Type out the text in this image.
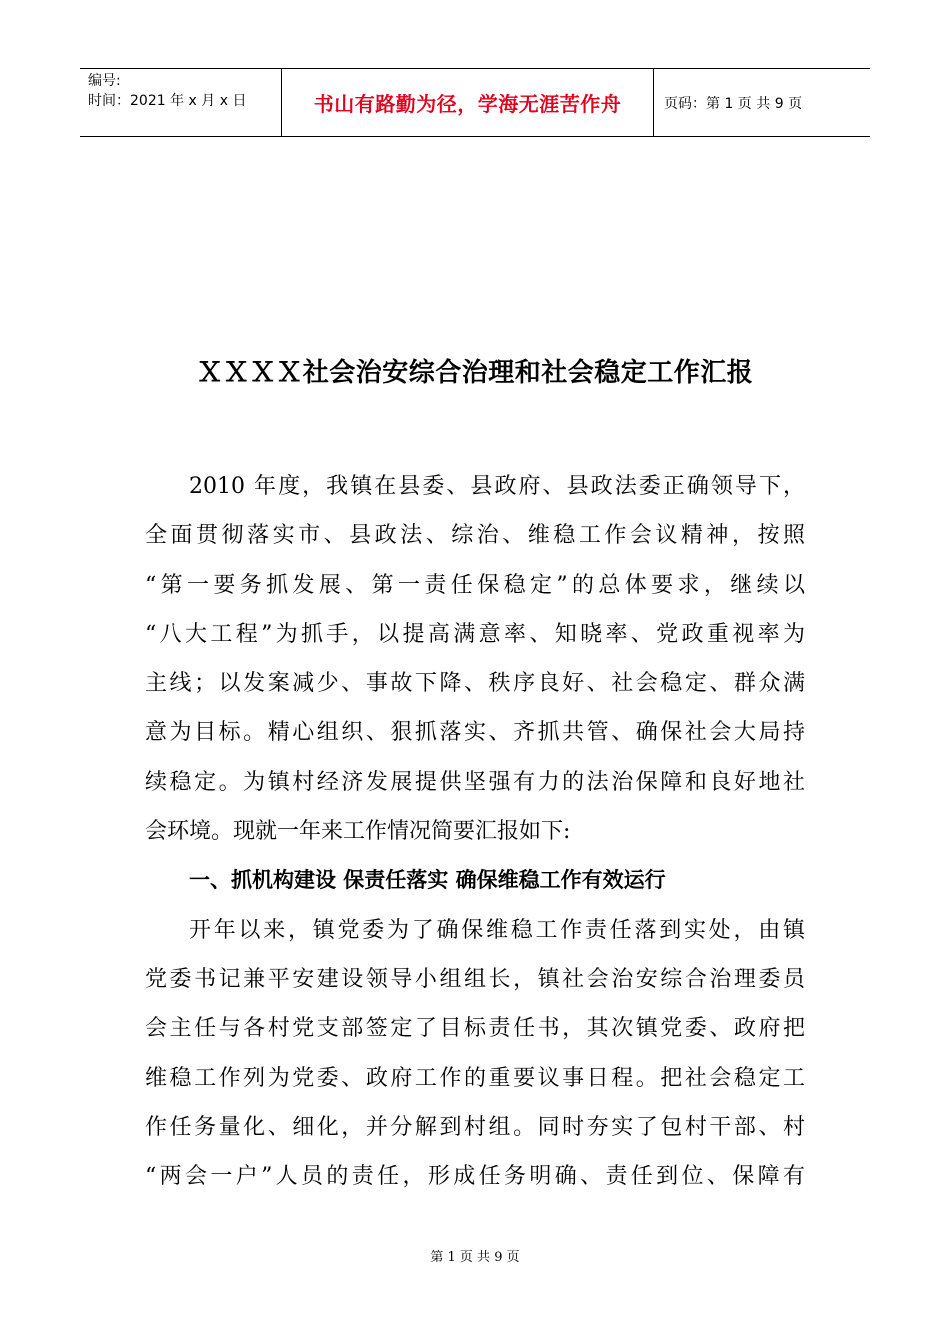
编号:
时间：2021 年 x 月 x 日	书山有路勤为径，学海无涯苦作舟	页码：第 1 页 共 9 页
ＸＸＸＸ社会治安综合治理和社会稳定工作汇报

2010 年度，我镇在县委、县政府、县政法委正确领导下，
全面贯彻落实市、县政法、综治、维稳工作会议精神，按照
“第一要务抓发展、第一责任保稳定”的总体要求，继续以
“八大工程”为抓手，以提高满意率、知晓率、党政重视率为
主线；以发案减少、事故下降、秩序良好、社会稳定、群众满
意为目标。精心组织、狠抓落实、齐抓共管、确保社会大局持
续稳定。为镇村经济发展提供坚强有力的法治保障和良好地社
会环境。现就一年来工作情况简要汇报如下:

一、抓机构建设 保责任落实 确保维稳工作有效运行

开年以来，镇党委为了确保维稳工作责任落到实处，由镇
党委书记兼平安建设领导小组组长，镇社会治安综合治理委员
会主任与各村党支部签定了目标责任书，其次镇党委、政府把
维稳工作列为党委、政府工作的重要议事日程。把社会稳定工
作任务量化、细化，并分解到村组。同时夯实了包村干部、村
“两会一户”人员的责任，形成任务明确、责任到位、保障有

第 1 页 共 9 页
